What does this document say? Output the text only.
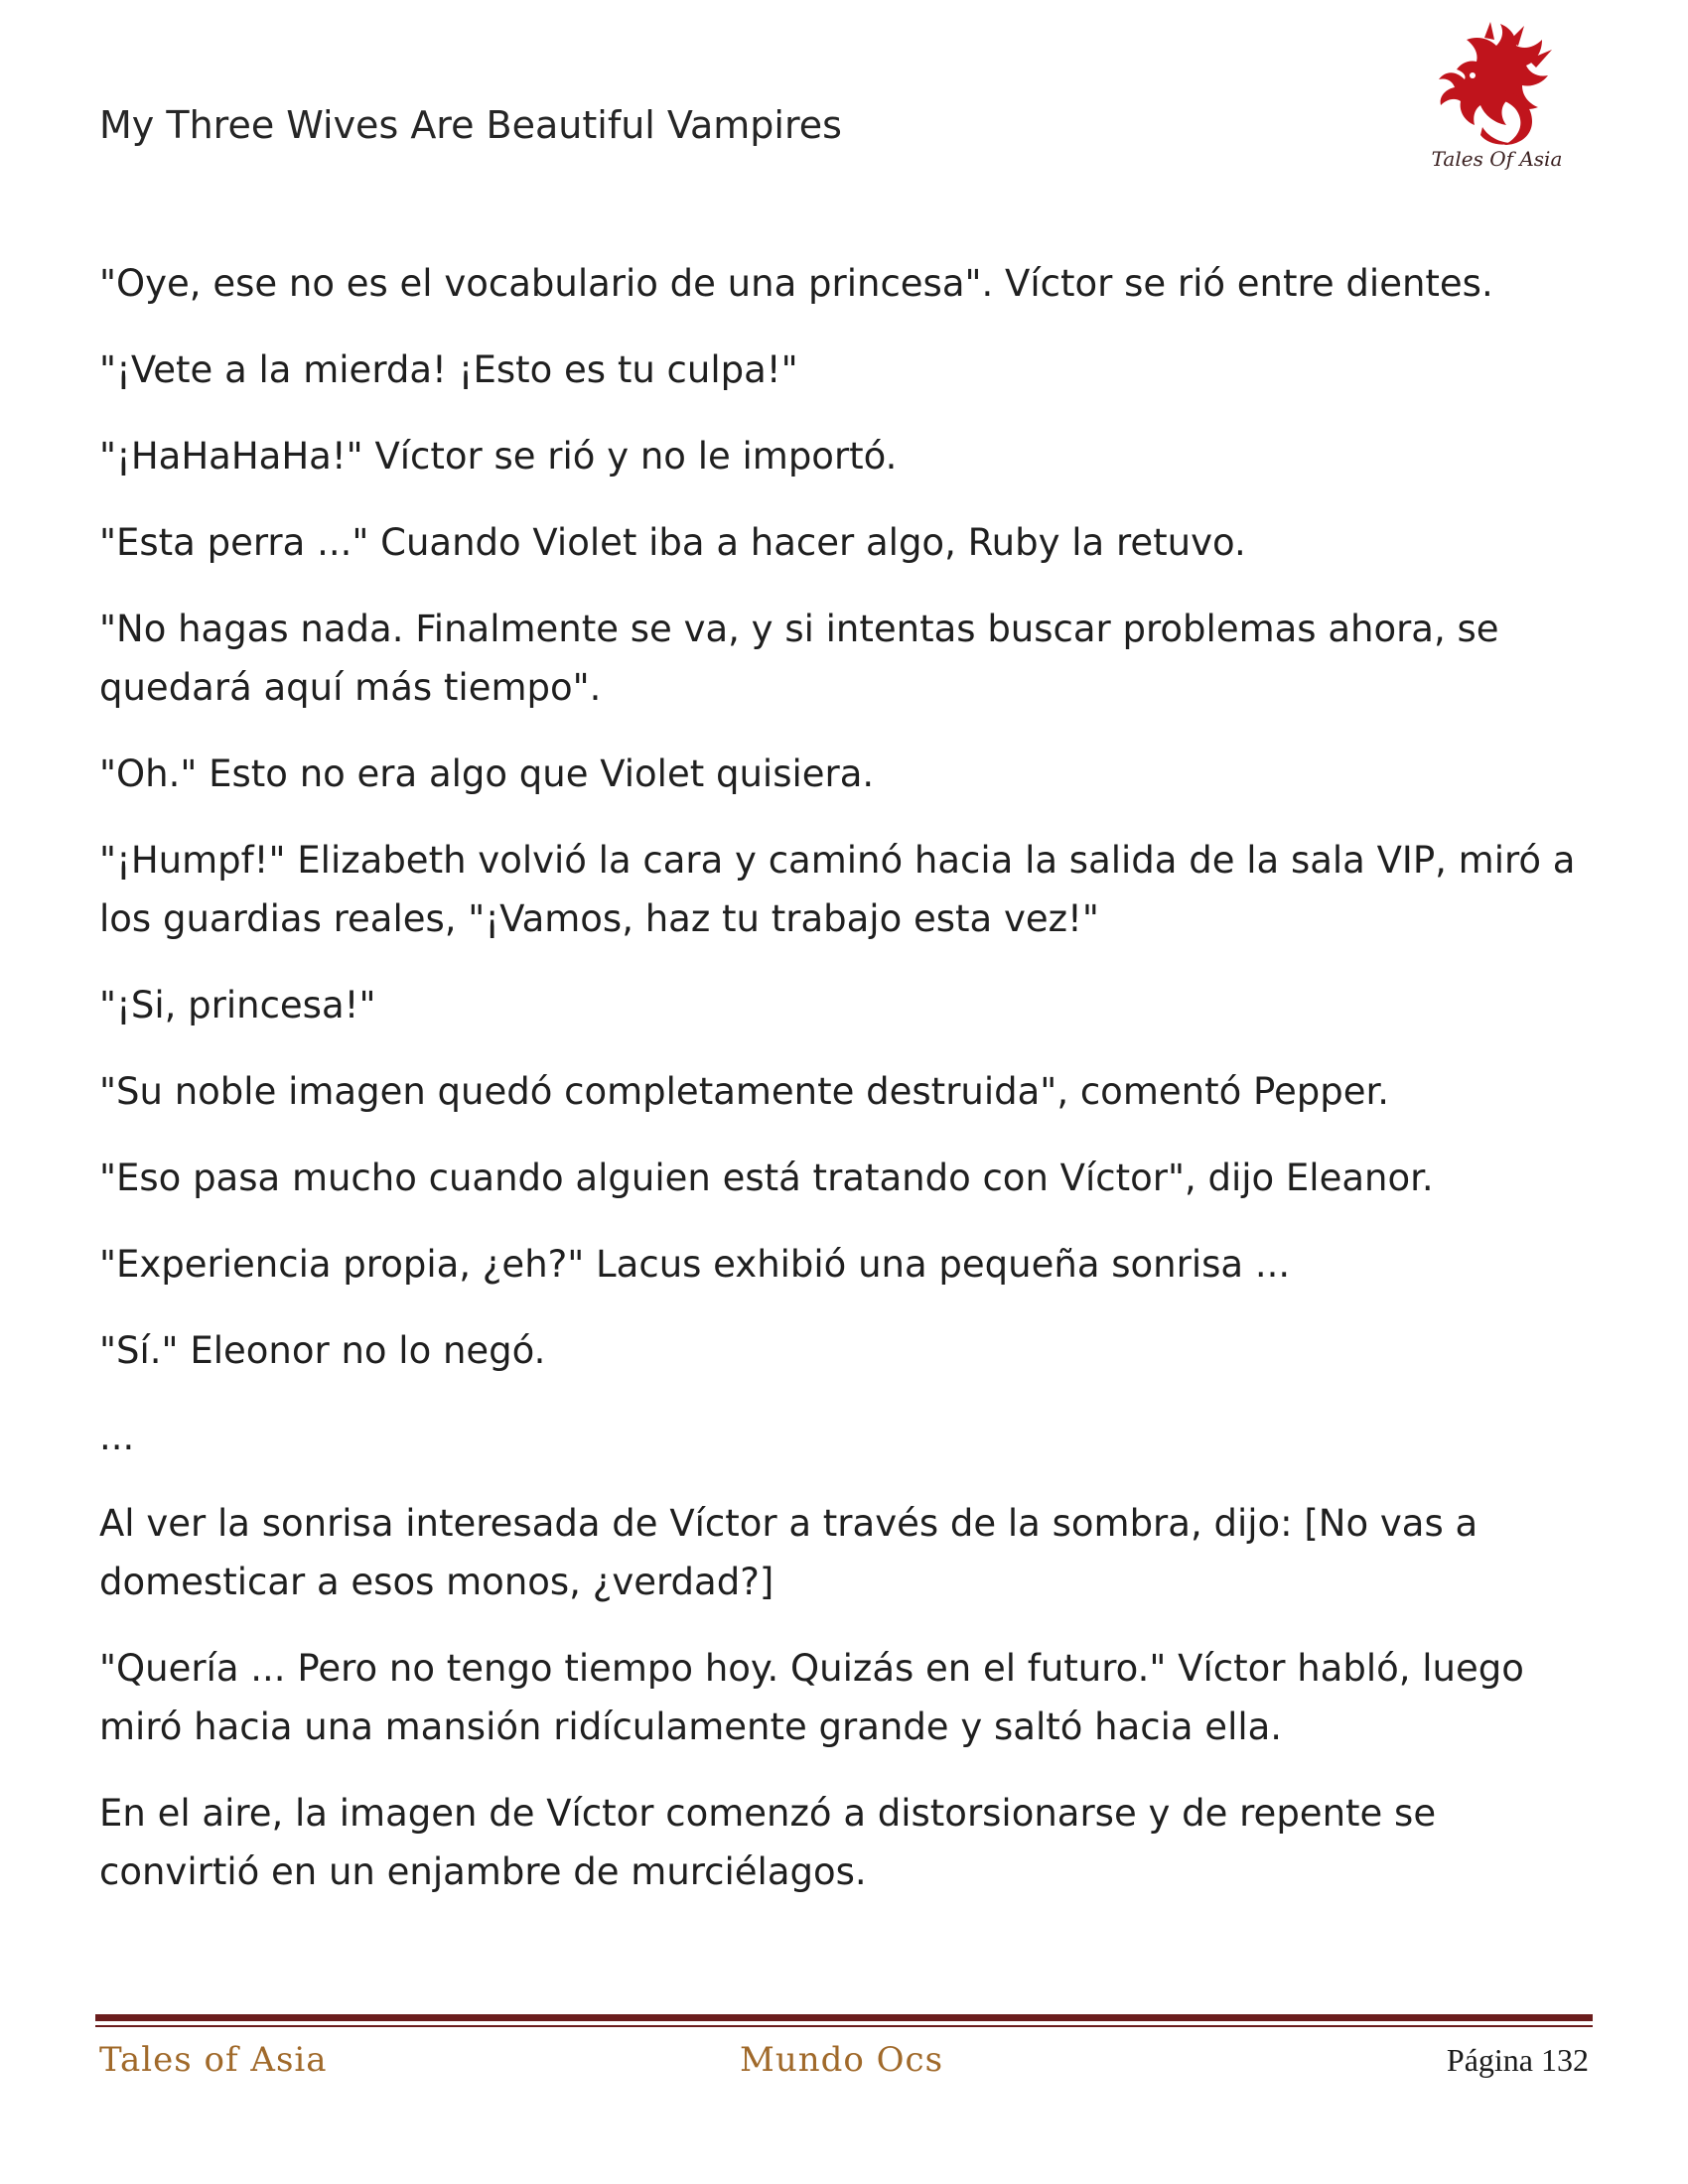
My Three Wives Are Beautiful Vampires
Tales Of Asia

"Oye, ese no es el vocabulario de una princesa". Víctor se rió entre dientes.

"¡Vete a la mierda! ¡Esto es tu culpa!"

"¡HaHaHaHa!" Víctor se rió y no le importó.

"Esta perra ..." Cuando Violet iba a hacer algo, Ruby la retuvo.

"No hagas nada. Finalmente se va, y si intentas buscar problemas ahora, se quedará aquí más tiempo".

"Oh." Esto no era algo que Violet quisiera.

"¡Humpf!" Elizabeth volvió la cara y caminó hacia la salida de la sala VIP, miró a los guardias reales, "¡Vamos, haz tu trabajo esta vez!"

"¡Si, princesa!"

"Su noble imagen quedó completamente destruida", comentó Pepper.

"Eso pasa mucho cuando alguien está tratando con Víctor", dijo Eleanor.

"Experiencia propia, ¿eh?" Lacus exhibió una pequeña sonrisa ...

"Sí." Eleonor no lo negó.

...

Al ver la sonrisa interesada de Víctor a través de la sombra, dijo: [No vas a domesticar a esos monos, ¿verdad?]

"Quería ... Pero no tengo tiempo hoy. Quizás en el futuro." Víctor habló, luego miró hacia una mansión ridículamente grande y saltó hacia ella.

En el aire, la imagen de Víctor comenzó a distorsionarse y de repente se convirtió en un enjambre de murciélagos.

Tales of Asia	Mundo Ocs	Página 132
